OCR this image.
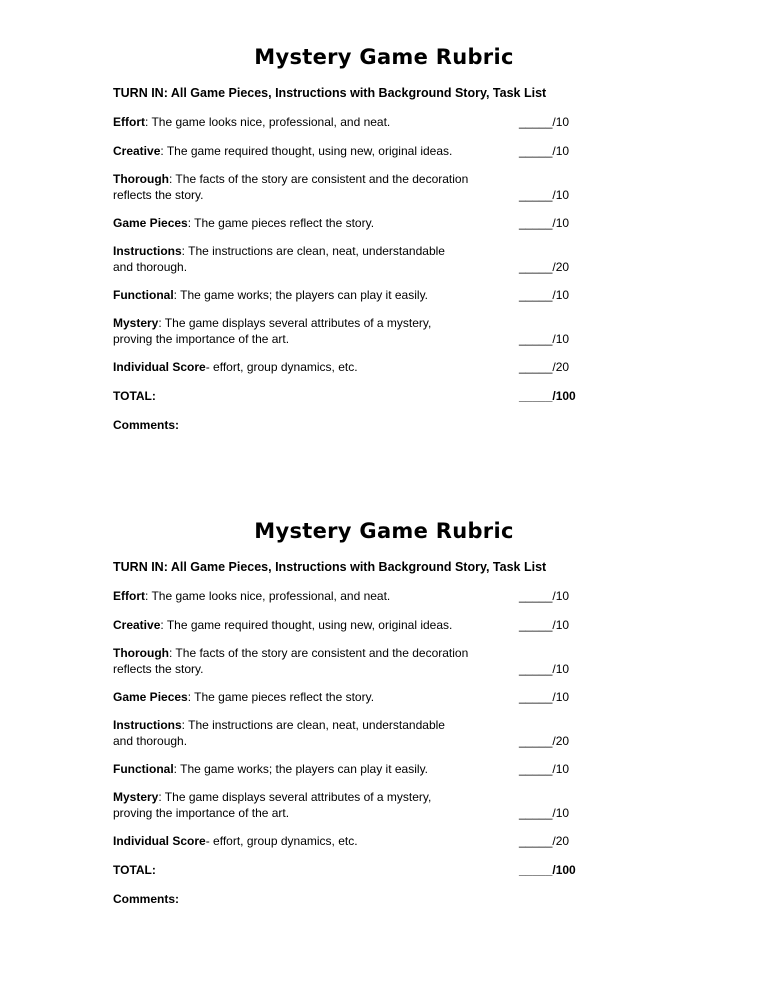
Mystery Game Rubric
TURN IN: All Game Pieces, Instructions with Background Story, Task List
Effort: The game looks nice, professional, and neat.	_____/10
Creative: The game required thought, using new, original ideas.	_____/10
Thorough: The facts of the story are consistent and the decoration
reflects the story.	_____/10
Game Pieces: The game pieces reflect the story.	_____/10
Instructions: The instructions are clean, neat, understandable
and thorough.	_____/20
Functional: The game works; the players can play it easily.	_____/10
Mystery: The game displays several attributes of a mystery,
proving the importance of the art.	_____/10
Individual Score- effort, group dynamics, etc.	_____/20
TOTAL:	_____/100
Comments:
Mystery Game Rubric
TURN IN: All Game Pieces, Instructions with Background Story, Task List
Effort: The game looks nice, professional, and neat.	_____/10
Creative: The game required thought, using new, original ideas.	_____/10
Thorough: The facts of the story are consistent and the decoration
reflects the story.	_____/10
Game Pieces: The game pieces reflect the story.	_____/10
Instructions: The instructions are clean, neat, understandable
and thorough.	_____/20
Functional: The game works; the players can play it easily.	_____/10
Mystery: The game displays several attributes of a mystery,
proving the importance of the art.	_____/10
Individual Score- effort, group dynamics, etc.	_____/20
TOTAL:	_____/100
Comments:
